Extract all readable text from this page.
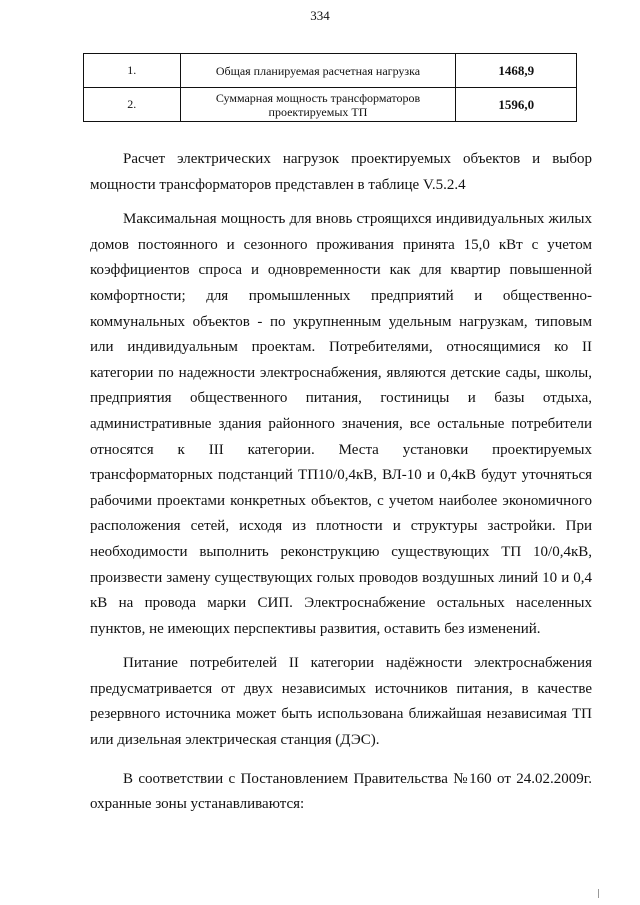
334
1.	Общая планируемая расчетная нагрузка	1468,9
2.	Суммарная мощность трансформаторов проектируемых ТП	1596,0

Расчет электрических нагрузок проектируемых объектов и выбор мощности трансформаторов представлен в таблице V.5.2.4

Максимальная мощность для вновь строящихся индивидуальных жилых домов постоянного и сезонного проживания принята 15,0 кВт с учетом коэффициентов спроса и одновременности как для квартир повышенной комфортности; для промышленных предприятий и общественно-коммунальных объектов - по укрупненным удельным нагрузкам, типовым или индивидуальным проектам. Потребителями, относящимися ко II категории по надежности электроснабжения, являются детские сады, школы, предприятия общественного питания, гостиницы и базы отдыха, административные здания районного значения, все остальные потребители относятся к III категории. Места установки проектируемых трансформаторных подстанций ТП10/0,4кВ, ВЛ-10 и 0,4кВ будут уточняться рабочими проектами конкретных объектов, с учетом наиболее экономичного расположения сетей, исходя из плотности и структуры застройки. При необходимости выполнить реконструкцию существующих ТП 10/0,4кВ, произвести замену существующих голых проводов воздушных линий 10 и 0,4 кВ на провода марки СИП. Электроснабжение остальных населенных пунктов, не имеющих перспективы развития, оставить без изменений.

Питание потребителей II категории надёжности электроснабжения предусматривается от двух независимых источников питания, в качестве резервного источника может быть использована ближайшая независимая ТП или дизельная электрическая станция (ДЭС).

В соответствии с Постановлением Правительства №160 от 24.02.2009г. охранные зоны устанавливаются:
